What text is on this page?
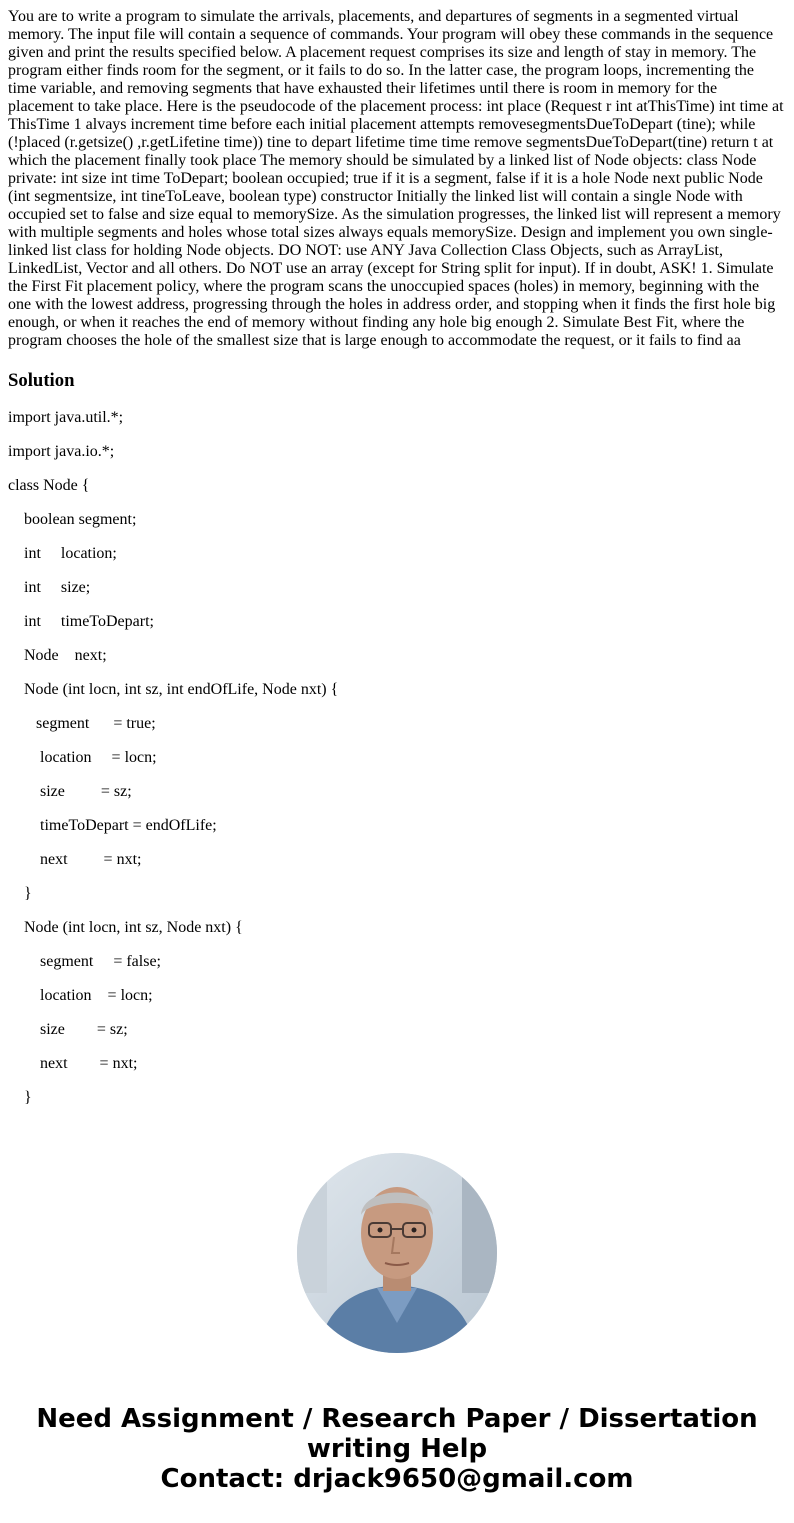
You are to write a program to simulate the arrivals, placements, and departures of segments in a segmented virtual memory. The input file will contain a sequence of commands. Your program will obey these commands in the sequence given and print the results specified below. A placement request comprises its size and length of stay in memory. The program either finds room for the segment, or it fails to do so. In the latter case, the program loops, incrementing the time variable, and removing segments that have exhausted their lifetimes until there is room in memory for the placement to take place. Here is the pseudocode of the placement process: int place (Request r int atThisTime) int time at ThisTime 1 alvays increment time before each initial placement attempts removesegmentsDueToDepart (tine); while (!placed (r.getsize() ,r.getLifetine time)) tine to depart lifetime time time remove segmentsDueToDepart(tine) return t at which the placement finally took place The memory should be simulated by a linked list of Node objects: class Node private: int size int time ToDepart; boolean occupied; true if it is a segment, false if it is a hole Node next public Node (int segmentsize, int tineToLeave, boolean type) constructor Initially the linked list will contain a single Node with occupied set to false and size equal to memorySize. As the simulation progresses, the linked list will represent a memory with multiple segments and holes whose total sizes always equals memorySize. Design and implement you own single-linked list class for holding Node objects. DO NOT: use ANY Java Collection Class Objects, such as ArrayList, LinkedList, Vector and all others. Do NOT use an array (except for String split for input). If in doubt, ASK! 1. Simulate the First Fit placement policy, where the program scans the unoccupied spaces (holes) in memory, beginning with the one with the lowest address, progressing through the holes in address order, and stopping when it finds the first hole big enough, or when it reaches the end of memory without finding any hole big enough 2. Simulate Best Fit, where the program chooses the hole of the smallest size that is large enough to accommodate the request, or it fails to find aa

Solution

import java.util.*;

import java.io.*;

class Node {

boolean segment;

int     location;

int     size;

int     timeToDepart;

Node    next;

Node (int locn, int sz, int endOfLife, Node nxt) {

segment      = true;

location     = locn;

size         = sz;

timeToDepart = endOfLife;

next         = nxt;

}

Node (int locn, int sz, Node nxt) {

segment     = false;

location    = locn;

size        = sz;

next        = nxt;

}

Need Assignment / Research Paper / Dissertation
writing Help
Contact: drjack9650@gmail.com
